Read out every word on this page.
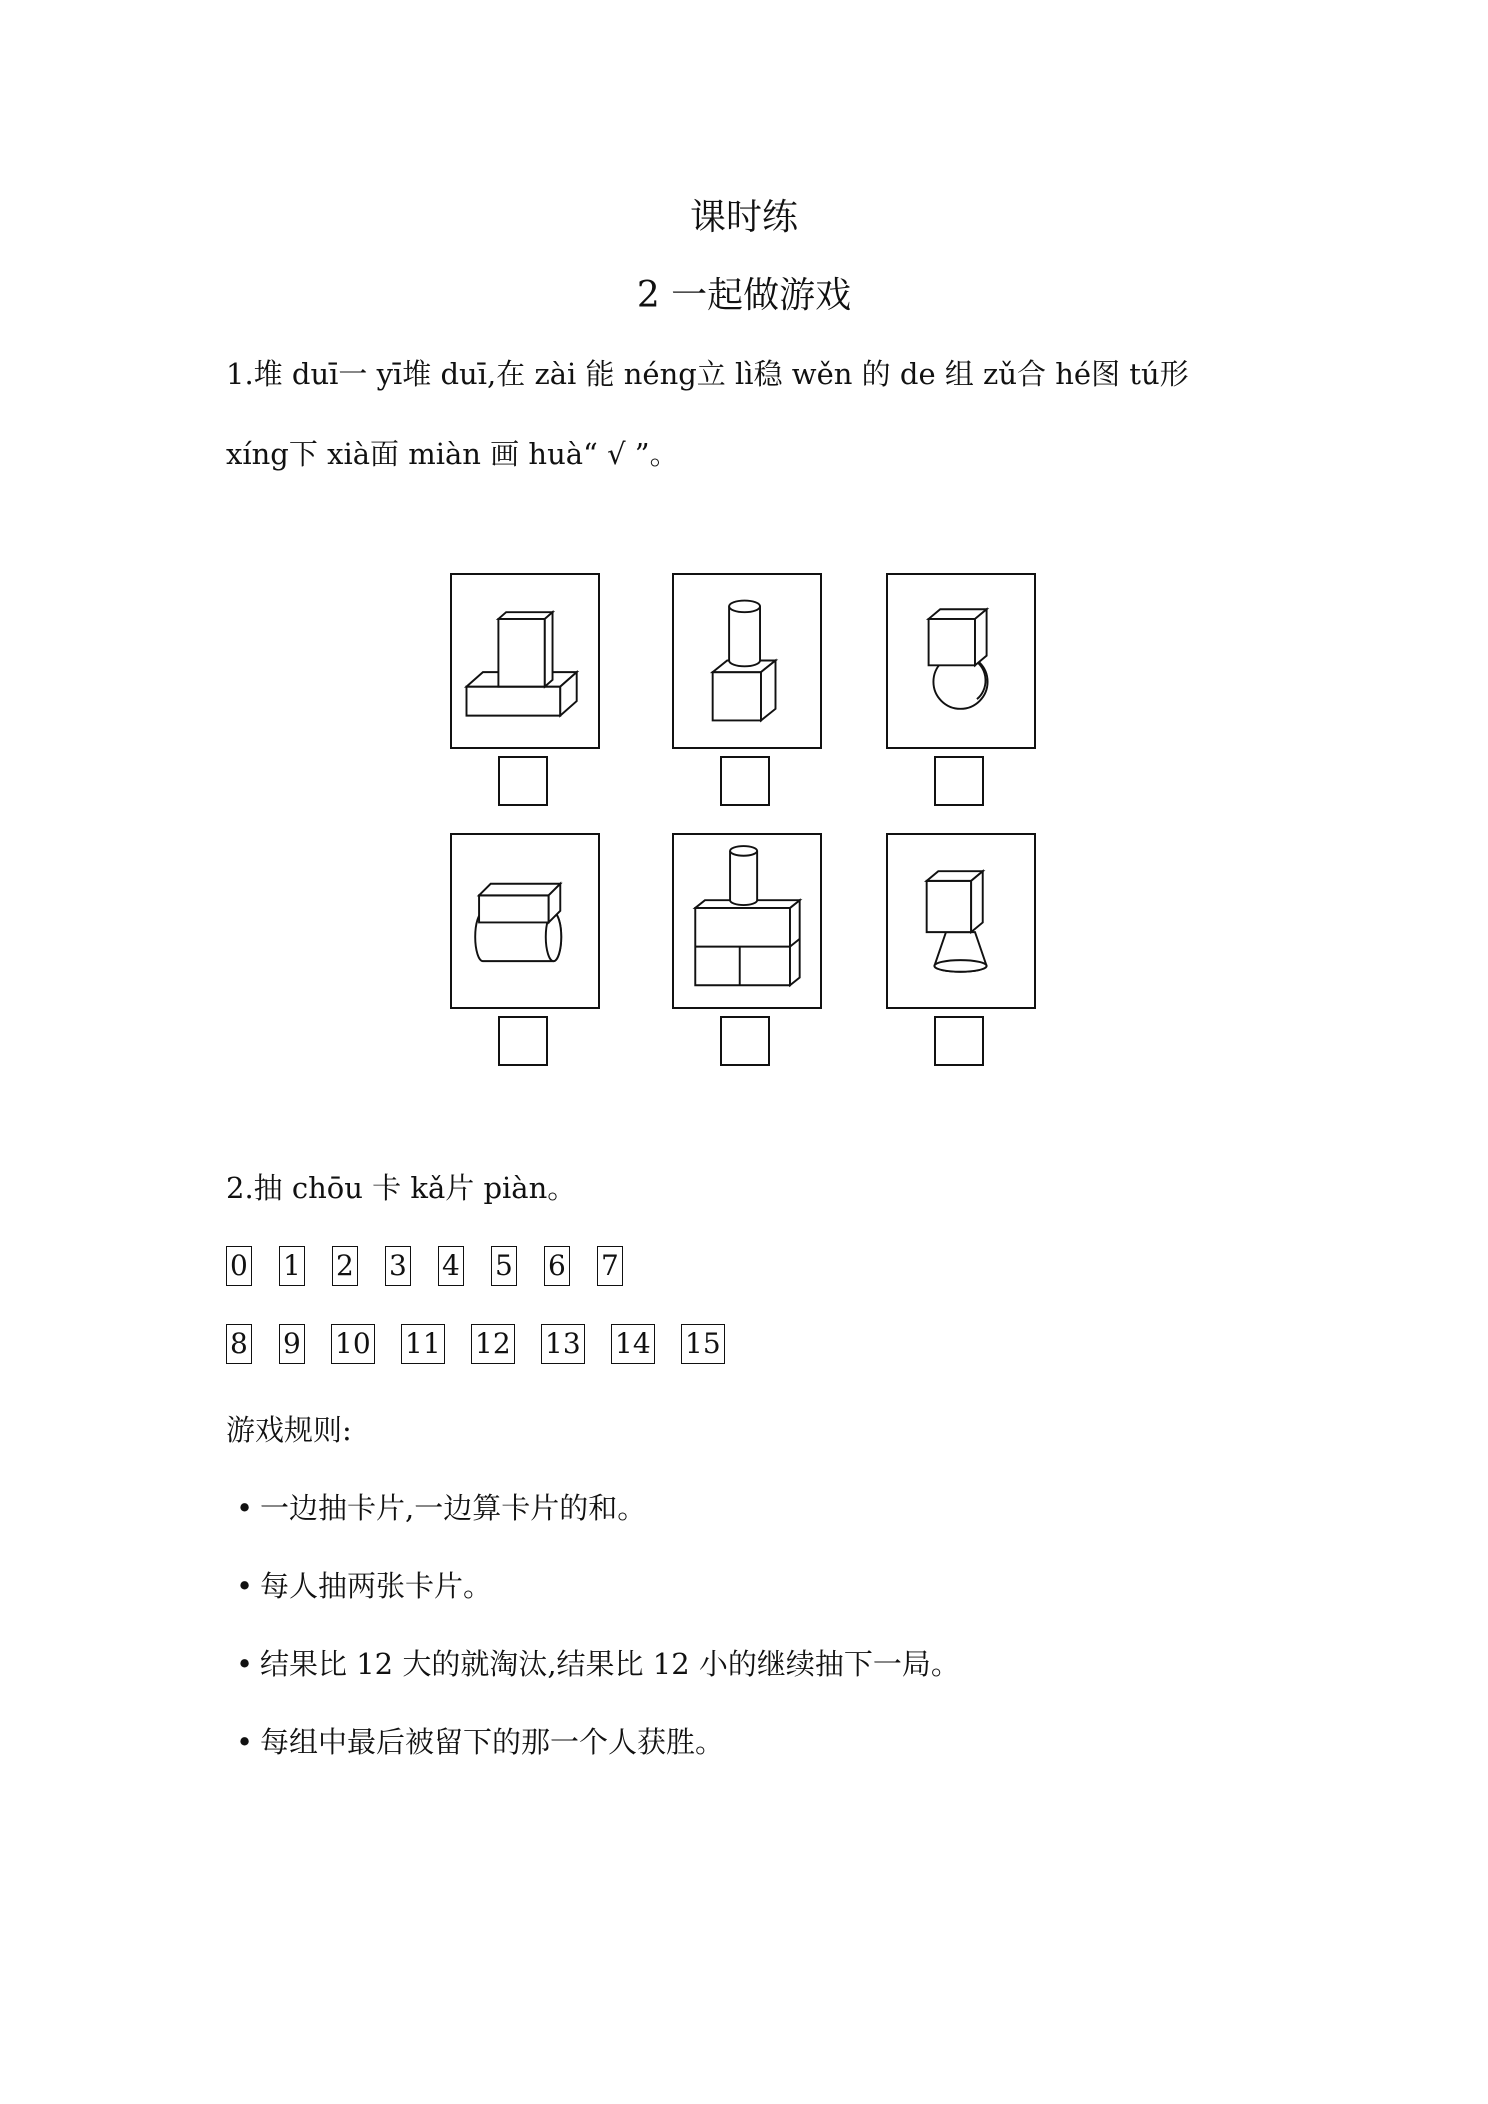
课时练
2 一起做游戏
1.堆 duī一 yī堆 duī,在 zài 能 néng立 lì稳 wěn 的 de 组 zǔ合 hé图 tú形
xíng下 xià面 miàn 画 huà“ √ ”。
2.抽 chōu 卡 kǎ片 piàn。
0 1 2 3 4 5 6 7
8 9 10 11 12 13 14 15
游戏规则:
• 一边抽卡片,一边算卡片的和。
• 每人抽两张卡片。
• 结果比 12 大的就淘汰,结果比 12 小的继续抽下一局。
• 每组中最后被留下的那一个人获胜。
